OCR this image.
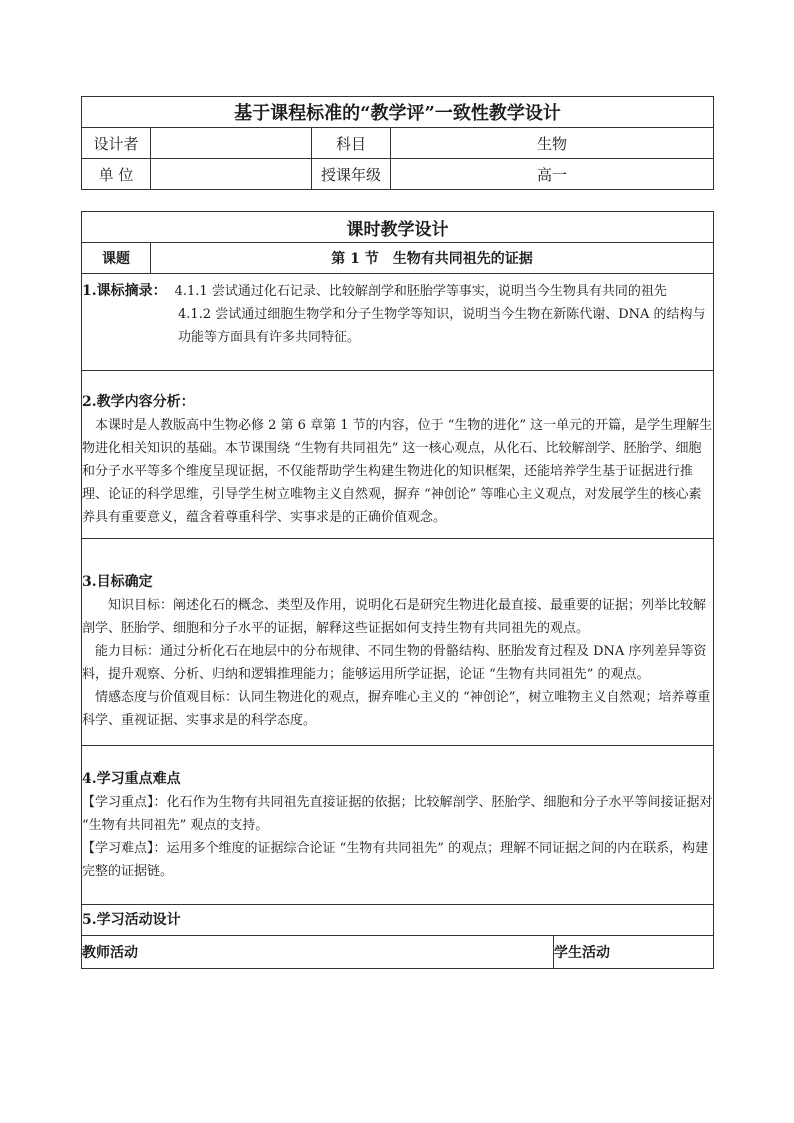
基于课程标准的“教学评”一致性教学设计			
设计者		科目	生物
单 位		授课年级	高一
课时教学设计		
课题	第 1 节　生物有共同祖先的证据	

1.课标摘录： 4.1.1 尝试通过化石记录、比较解剖学和胚胎学等事实，说明当今生物具有共同的祖先
4.1.2 尝试通过细胞生物学和分子生物学等知识，说明当今生物在新陈代谢、DNA 的结构与功能等方面具有许多共同特征。		

2.教学内容分析：

本课时是人教版高中生物必修 2 第 6 章第 1 节的内容，位于 “生物的进化” 这一单元的开篇，是学生理解生物进化相关知识的基础。本节课围绕 “生物有共同祖先” 这一核心观点，从化石、比较解剖学、胚胎学、细胞和分子水平等多个维度呈现证据，不仅能帮助学生构建生物进化的知识框架，还能培养学生基于证据进行推理、论证的科学思维，引导学生树立唯物主义自然观，摒弃 “神创论” 等唯心主义观点，对发展学生的核心素养具有重要意义，蕴含着尊重科学、实事求是的正确价值观念。		

3.目标确定

知识目标：阐述化石的概念、类型及作用，说明化石是研究生物进化最直接、最重要的证据；列举比较解剖学、胚胎学、细胞和分子水平的证据，解释这些证据如何支持生物有共同祖先的观点。

能力目标：通过分析化石在地层中的分布规律、不同生物的骨骼结构、胚胎发育过程及 DNA 序列差异等资料，提升观察、分析、归纳和逻辑推理能力；能够运用所学证据，论证 “生物有共同祖先” 的观点。

情感态度与价值观目标：认同生物进化的观点，摒弃唯心主义的 “神创论”，树立唯物主义自然观；培养尊重科学、重视证据、实事求是的科学态度。		

4.学习重点难点

【学习重点】：化石作为生物有共同祖先直接证据的依据；比较解剖学、胚胎学、细胞和分子水平等间接证据对 “生物有共同祖先” 观点的支持。

【学习难点】：运用多个维度的证据综合论证 “生物有共同祖先” 的观点；理解不同证据之间的内在联系，构建完整的证据链。		

5.学习活动设计		

教师活动		学生活动
